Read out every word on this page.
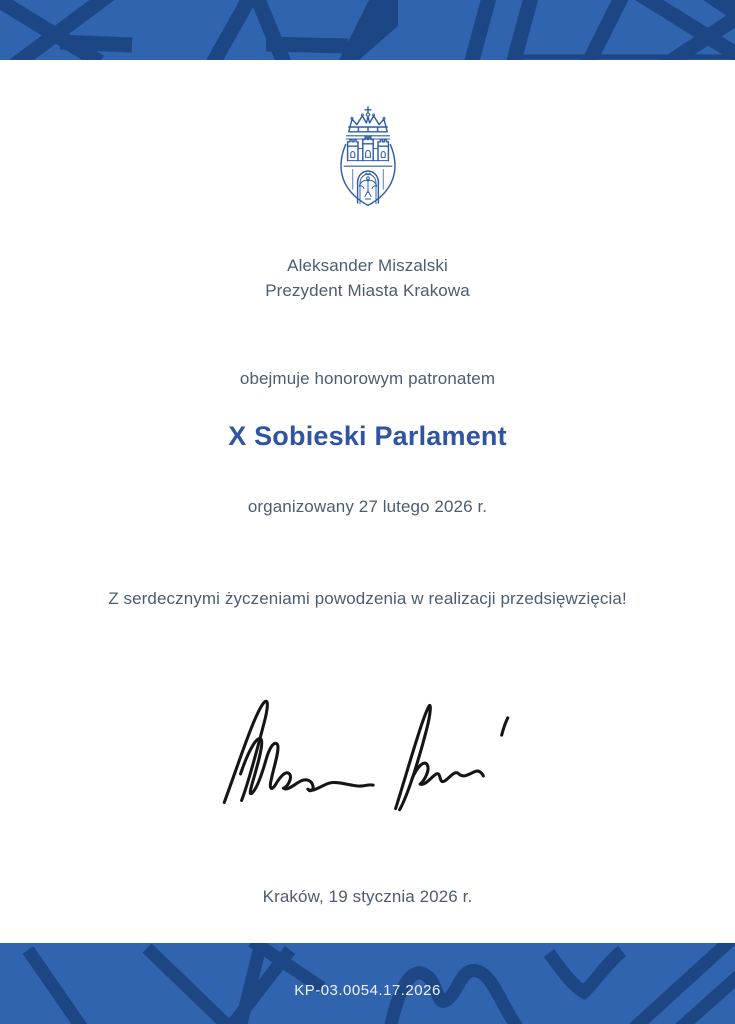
Aleksander Miszalski
Prezydent Miasta Krakowa
obejmuje honorowym patronatem
X Sobieski Parlament
organizowany 27 lutego 2026 r.
Z serdecznymi życzeniami powodzenia w realizacji przedsięwzięcia!
Kraków, 19 stycznia 2026 r.
KP-03.0054.17.2026
